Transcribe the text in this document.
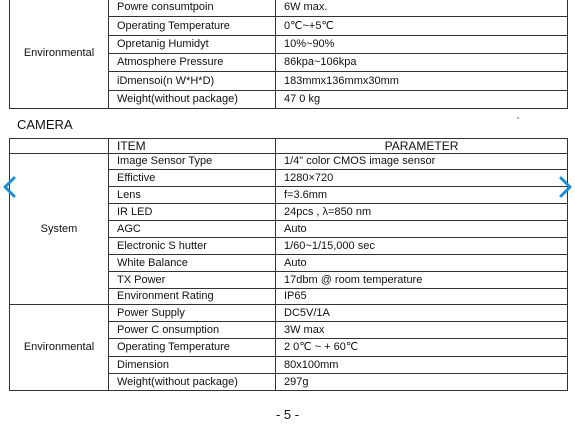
Environmental	Powre consumtpoin	6W max.
	Operating Temperature	0℃~+5℃
	Opretanig Humidyt	10%~90%
	Atmosphere Pressure	86kpa~106kpa
	iDmensoi(n W*H*D)	183mmx136mmx30mm
	Weight(without package)	47 0 kg
CAMERA
	ITEM	PARAMETER
System	Image Sensor Type	1/4" color CMOS image sensor
	Effictive	1280×720
	Lens	f=3.6mm
	IR LED	24pcs , λ=850 nm
	AGC	Auto
	Electronic S hutter	1/60~1/15,000 sec
	White Balance	Auto
	TX Power	17dbm @ room temperature
	Environment Rating	IP65
Environmental	Power Supply	DC5V/1A
	Power C onsumption	3W max
	Operating Temperature	2 0℃ ~ + 60℃
	Dimension	80x100mm
	Weight(without package)	297g
- 5 -
